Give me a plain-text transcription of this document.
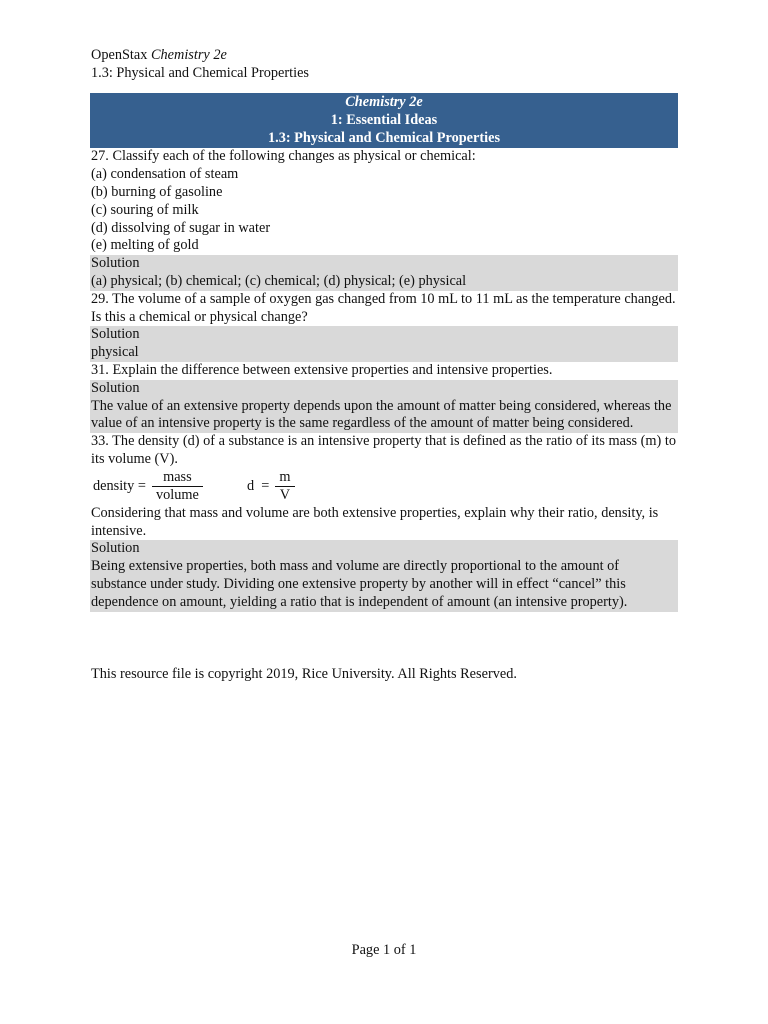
OpenStax Chemistry 2e
1.3: Physical and Chemical Properties
Chemistry 2e
1: Essential Ideas
1.3: Physical and Chemical Properties
27. Classify each of the following changes as physical or chemical:
(a) condensation of steam
(b) burning of gasoline
(c) souring of milk
(d) dissolving of sugar in water
(e) melting of gold
Solution
(a) physical; (b) chemical; (c) chemical; (d) physical; (e) physical
29. The volume of a sample of oxygen gas changed from 10 mL to 11 mL as the temperature changed. Is this a chemical or physical change?
Solution
physical
31. Explain the difference between extensive properties and intensive properties.
Solution
The value of an extensive property depends upon the amount of matter being considered, whereas the value of an intensive property is the same regardless of the amount of matter being considered.
33. The density (d) of a substance is an intensive property that is defined as the ratio of its mass (m) to its volume (V).
density = $\frac{\text{mass}}{\text{volume}}$	$d = \frac{m}{V}$
Considering that mass and volume are both extensive properties, explain why their ratio, density, is intensive.
Solution
Being extensive properties, both mass and volume are directly proportional to the amount of substance under study. Dividing one extensive property by another will in effect “cancel” this dependence on amount, yielding a ratio that is independent of amount (an intensive property).
This resource file is copyright 2019, Rice University. All Rights Reserved.
Page 1 of 1
